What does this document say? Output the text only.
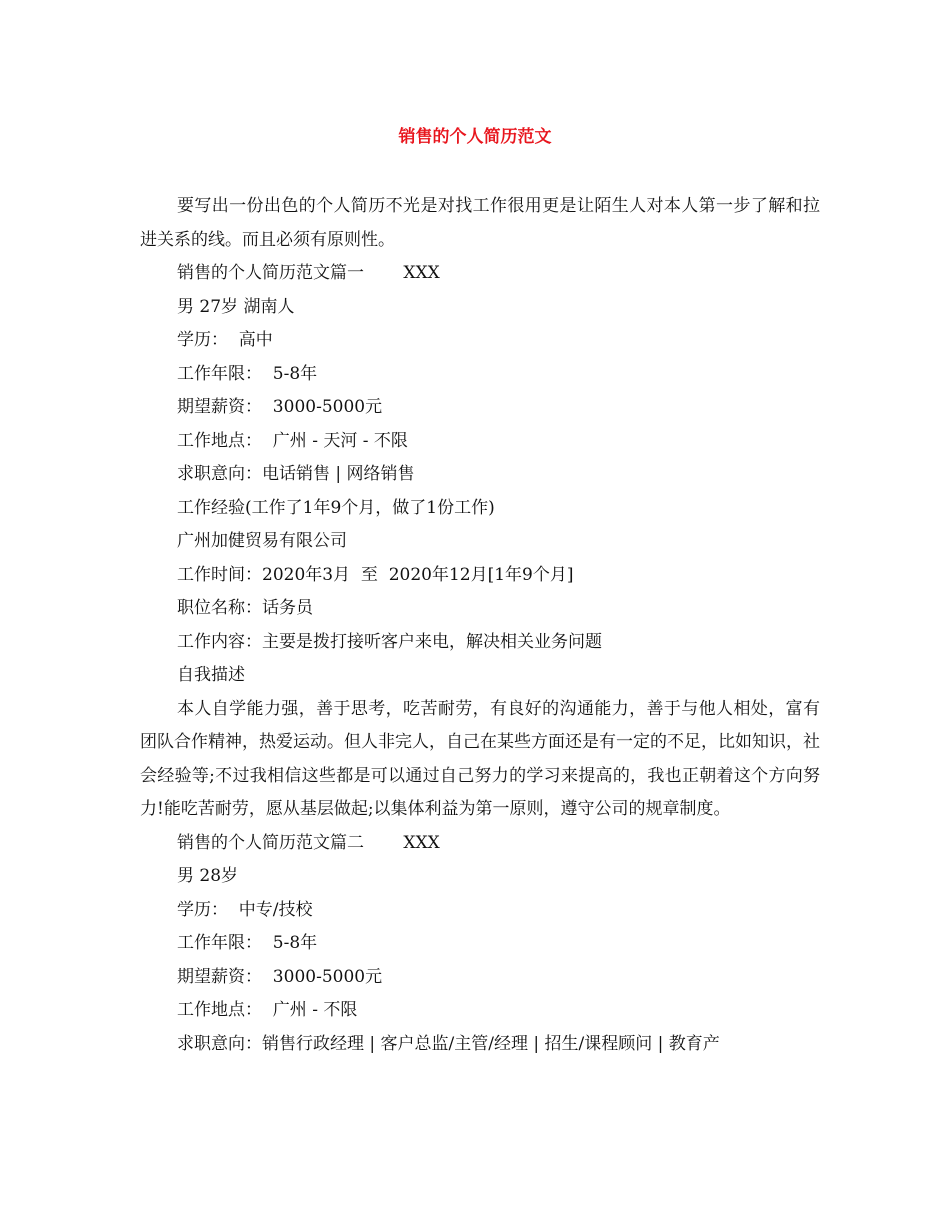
销售的个人简历范文
要写出一份出色的个人简历不光是对找工作很用更是让陌生人对本人第一步了解和拉进关系的线。而且必须有原则性。
销售的个人简历范文篇一　　 XXX
男 27岁 湖南人
学历：  高中
工作年限：  5-8年
期望薪资：  3000-5000元
工作地点：  广州 - 天河 - 不限
求职意向：电话销售 | 网络销售
工作经验(工作了1年9个月，做了1份工作)
广州加健贸易有限公司
工作时间：2020年3月  至  2020年12月[1年9个月]
职位名称：话务员
工作内容：主要是拨打接听客户来电，解决相关业务问题
自我描述
本人自学能力强，善于思考，吃苦耐劳，有良好的沟通能力，善于与他人相处，富有团队合作精神，热爱运动。但人非完人，自己在某些方面还是有一定的不足，比如知识，社会经验等;不过我相信这些都是可以通过自己努力的学习来提高的，我也正朝着这个方向努力!能吃苦耐劳，愿从基层做起;以集体利益为第一原则，遵守公司的规章制度。
销售的个人简历范文篇二　　 XXX
男 28岁
学历：  中专/技校
工作年限：  5-8年
期望薪资：  3000-5000元
工作地点：  广州 - 不限
求职意向：销售行政经理 | 客户总监/主管/经理 | 招生/课程顾问 | 教育产
